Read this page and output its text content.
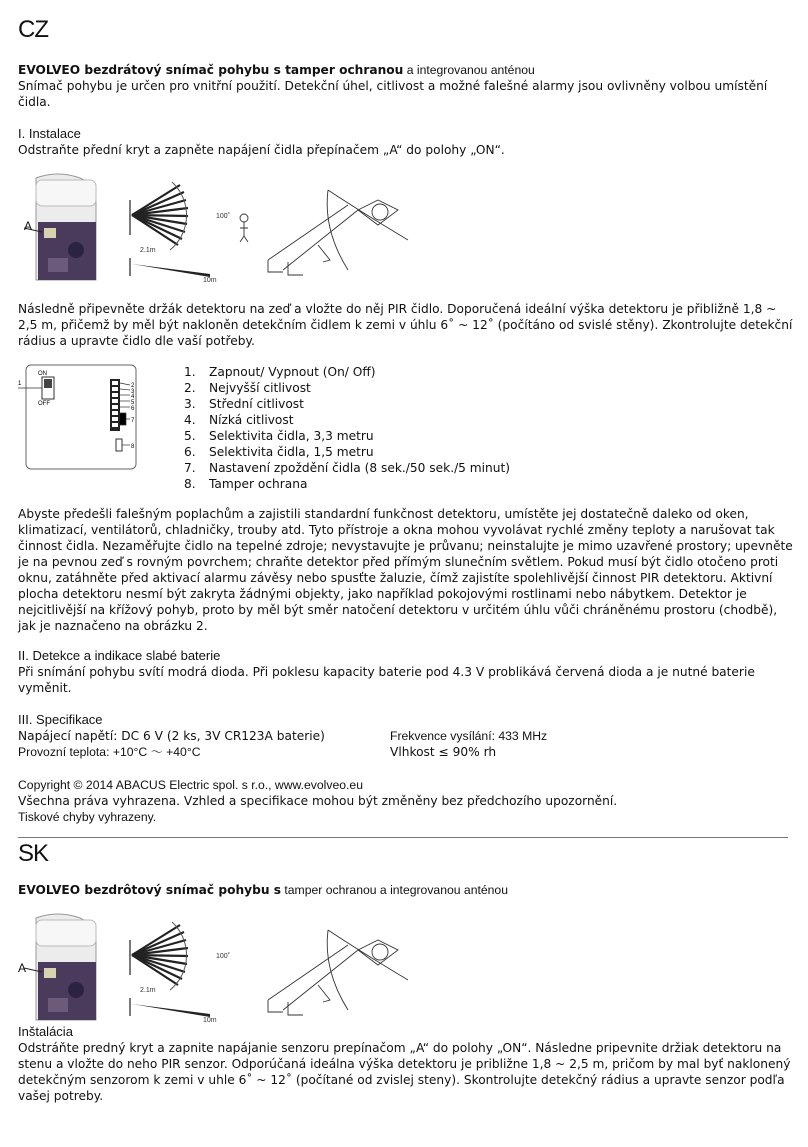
CZ
EVOLVEO bezdrátový snímač pohybu s tamper ochranou a integrovanou anténou
Snímač pohybu je určen pro vnitřní použití. Detekční úhel, citlivost a možné falešné alarmy jsou ovlivněny volbou umístění čidla.
I. Instalace
Odstraňte přední kryt a zapněte napájení čidla přepínačem „A“ do polohy „ON“.
A
100˚
2.1m
10m
Následně připevněte držák detektoru na zeď a vložte do něj PIR čidlo. Doporučená ideální výška detektoru je přibližně 1,8 ~ 2,5 m, přičemž by měl být nakloněn detekčním čidlem k zemi v úhlu 6˚ ~ 12˚ (počítáno od svislé stěny). Zkontrolujte detekční rádius a upravte čidlo dle vaší potřeby.
ON
OFF
1	2
3
4
5
6
7
8
1.	Zapnout/ Vypnout (On/ Off)
2.	Nejvyšší citlivost
3.	Střední citlivost
4.	Nízká citlivost
5.	Selektivita čidla, 3,3 metru
6.	Selektivita čidla, 1,5 metru
7.	Nastavení zpoždění čidla (8 sek./50 sek./5 minut)
8.	Tamper ochrana
Abyste předešli falešným poplachům a zajistili standardní funkčnost detektoru, umístěte jej dostatečně daleko od oken, klimatizací, ventilátorů, chladničky, trouby atd. Tyto přístroje a okna mohou vyvolávat rychlé změny teploty a narušovat tak činnost čidla. Nezaměřujte čidlo na tepelné zdroje; nevystavujte je průvanu; neinstalujte je mimo uzavřené prostory; upevněte je na pevnou zeď s rovným povrchem; chraňte detektor před přímým slunečním světlem. Pokud musí být čidlo otočeno proti oknu, zatáhněte před aktivací alarmu závěsy nebo spusťte žaluzie, čímž zajistíte spolehlivější činnost PIR detektoru. Aktivní plocha detektoru nesmí být zakryta žádnými objekty, jako například pokojovými rostlinami nebo nábytkem. Detektor je nejcitlivější na křížový pohyb, proto by měl být směr natočení detektoru v určitém úhlu vůči chráněnému prostoru (chodbě), jak je naznačeno na obrázku 2.
II. Detekce a indikace slabé baterie
Při snímání pohybu svítí modrá dioda. Při poklesu kapacity baterie pod 4.3 V problikává červená dioda a je nutné baterie vyměnit.
III. Specifikace
Napájecí napětí: DC 6 V (2 ks, 3V CR123A baterie)	Frekvence vysílání: 433 MHz
Provozní teplota: +10°C ～ +40°C	Vlhkost ≤ 90% rh
Copyright © 2014 ABACUS Electric spol. s r.o., www.evolveo.eu
Všechna práva vyhrazena. Vzhled a specifikace mohou být změněny bez předchozího upozornění.
Tiskové chyby vyhrazeny.
SK
EVOLVEO bezdrôtový snímač pohybu s tamper ochranou a integrovanou anténou
A
100˚
2.1m
10m
Inštalácia
Odstráňte predný kryt a zapnite napájanie senzoru prepínačom „A“ do polohy „ON“. Následne pripevnite držiak detektoru na stenu a vložte do neho PIR senzor. Odporúčaná ideálna výška detektoru je približne 1,8 ~ 2,5 m, pričom by mal byť naklonený detekčným senzorom k zemi v uhle 6˚ ~ 12˚ (počítané od zvislej steny). Skontrolujte detekčný rádius a upravte senzor podľa vašej potreby.
